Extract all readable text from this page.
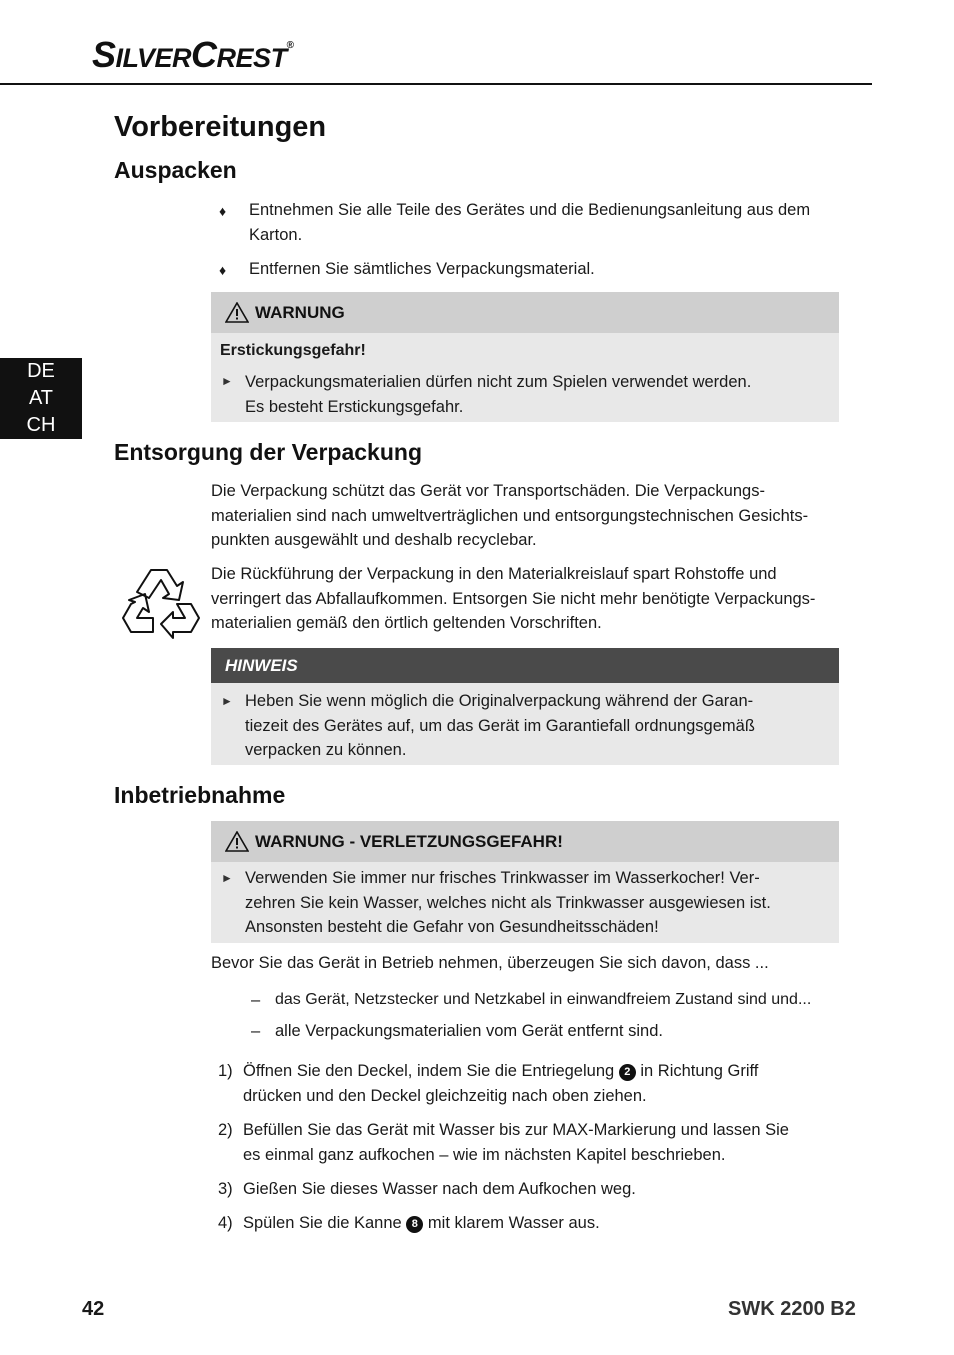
SILVERCREST®
DE
AT
CH
Vorbereitungen
Auspacken
♦ Entnehmen Sie alle Teile des Gerätes und die Bedienungsanleitung aus dem
Karton.
♦ Entfernen Sie sämtliches Verpackungsmaterial.
WARNUNG
Erstickungsgefahr!
► Verpackungsmaterialien dürfen nicht zum Spielen verwendet werden.
Es besteht Erstickungsgefahr.
Entsorgung der Verpackung
Die Verpackung schützt das Gerät vor Transportschäden. Die Verpackungs-
materialien sind nach umweltverträglichen und entsorgungstechnischen Gesichts-
punkten ausgewählt und deshalb recyclebar.
Die Rückführung der Verpackung in den Materialkreislauf spart Rohstoffe und
verringert das Abfallaufkommen. Entsorgen Sie nicht mehr benötigte Verpackungs-
materialien gemäß den örtlich geltenden Vorschriften.
HINWEIS
► Heben Sie wenn möglich die Originalverpackung während der Garan-
tiezeit des Gerätes auf, um das Gerät im Garantiefall ordnungsgemäß
verpacken zu können.
Inbetriebnahme
WARNUNG - VERLETZUNGSGEFAHR!
► Verwenden Sie immer nur frisches Trinkwasser im Wasserkocher! Ver-
zehren Sie kein Wasser, welches nicht als Trinkwasser ausgewiesen ist.
Ansonsten besteht die Gefahr von Gesundheitsschäden!
Bevor Sie das Gerät in Betrieb nehmen, überzeugen Sie sich davon, dass ...
– das Gerät, Netzstecker und Netzkabel in einwandfreiem Zustand sind und...
– alle Verpackungsmaterialien vom Gerät entfernt sind.
1) Öffnen Sie den Deckel, indem Sie die Entriegelung 2 in Richtung Griff
drücken und den Deckel gleichzeitig nach oben ziehen.
2) Befüllen Sie das Gerät mit Wasser bis zur MAX-Markierung und lassen Sie
es einmal ganz aufkochen – wie im nächsten Kapitel beschrieben.
3) Gießen Sie dieses Wasser nach dem Aufkochen weg.
4) Spülen Sie die Kanne 8 mit klarem Wasser aus.
42	SWK 2200 B2
